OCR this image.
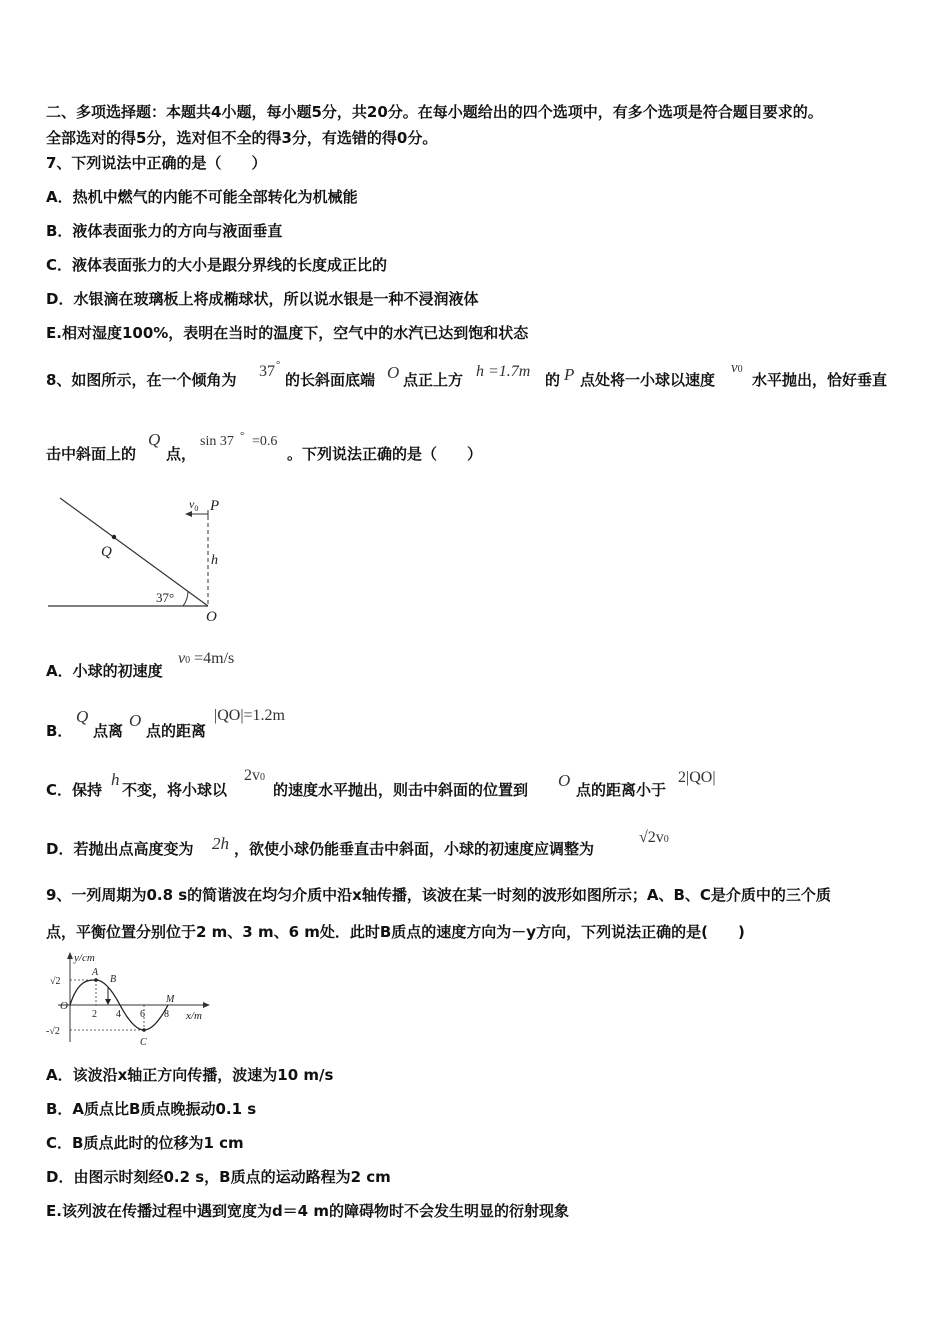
二、多项选择题：本题共4小题，每小题5分，共20分。在每小题给出的四个选项中，有多个选项是符合题目要求的。
全部选对的得5分，选对但不全的得3分，有选错的得0分。
7、下列说法中正确的是（　　）
A．热机中燃气的内能不可能全部转化为机械能
B．液体表面张力的方向与液面垂直
C．液体表面张力的大小是跟分界线的长度成正比的
D．水银滴在玻璃板上将成椭球状，所以说水银是一种不浸润液体
E.相对湿度100%，表明在当时的温度下，空气中的水汽已达到饱和状态
8、如图所示，在一个倾角为 37 °
的长斜面底端 O 点正上方 h =1.7m 的 P 点处将一小球以速度
v0
水平抛出，恰好垂直
击中斜面上的
Q
点，
sin 37 ° =0.6
。下列说法正确的是（　　）
$v_0$ P
Q
h
37°
O
A．小球的初速度
v0 =4m/s
B．
Q
点离
O
点的距离
|QO|=1.2m
C．保持
h
不变，将小球以
2v0
的速度水平抛出，则击中斜面的位置到 O 点的距离小于
2|QO|
D．若抛出点高度变为 2h ，欲使小球仍能垂直击中斜面，小球的初速度应调整为
√2v0
9、一列周期为0.8 s的简谐波在均匀介质中沿x轴传播，该波在某一时刻的波形如图所示；A、B、C是介质中的三个质
点，平衡位置分别位于2 m、3 m、6 m处．此时B质点的速度方向为－y方向，下列说法正确的是(　　)
y/cm
x/m
O
√2
-√2
2 4 6 8
A
B
C
M
A．该波沿x轴正方向传播，波速为10 m/s
B．A质点比B质点晚振动0.1 s
C．B质点此时的位移为1 cm
D．由图示时刻经0.2 s，B质点的运动路程为2 cm
E.该列波在传播过程中遇到宽度为d＝4 m的障碍物时不会发生明显的衍射现象
